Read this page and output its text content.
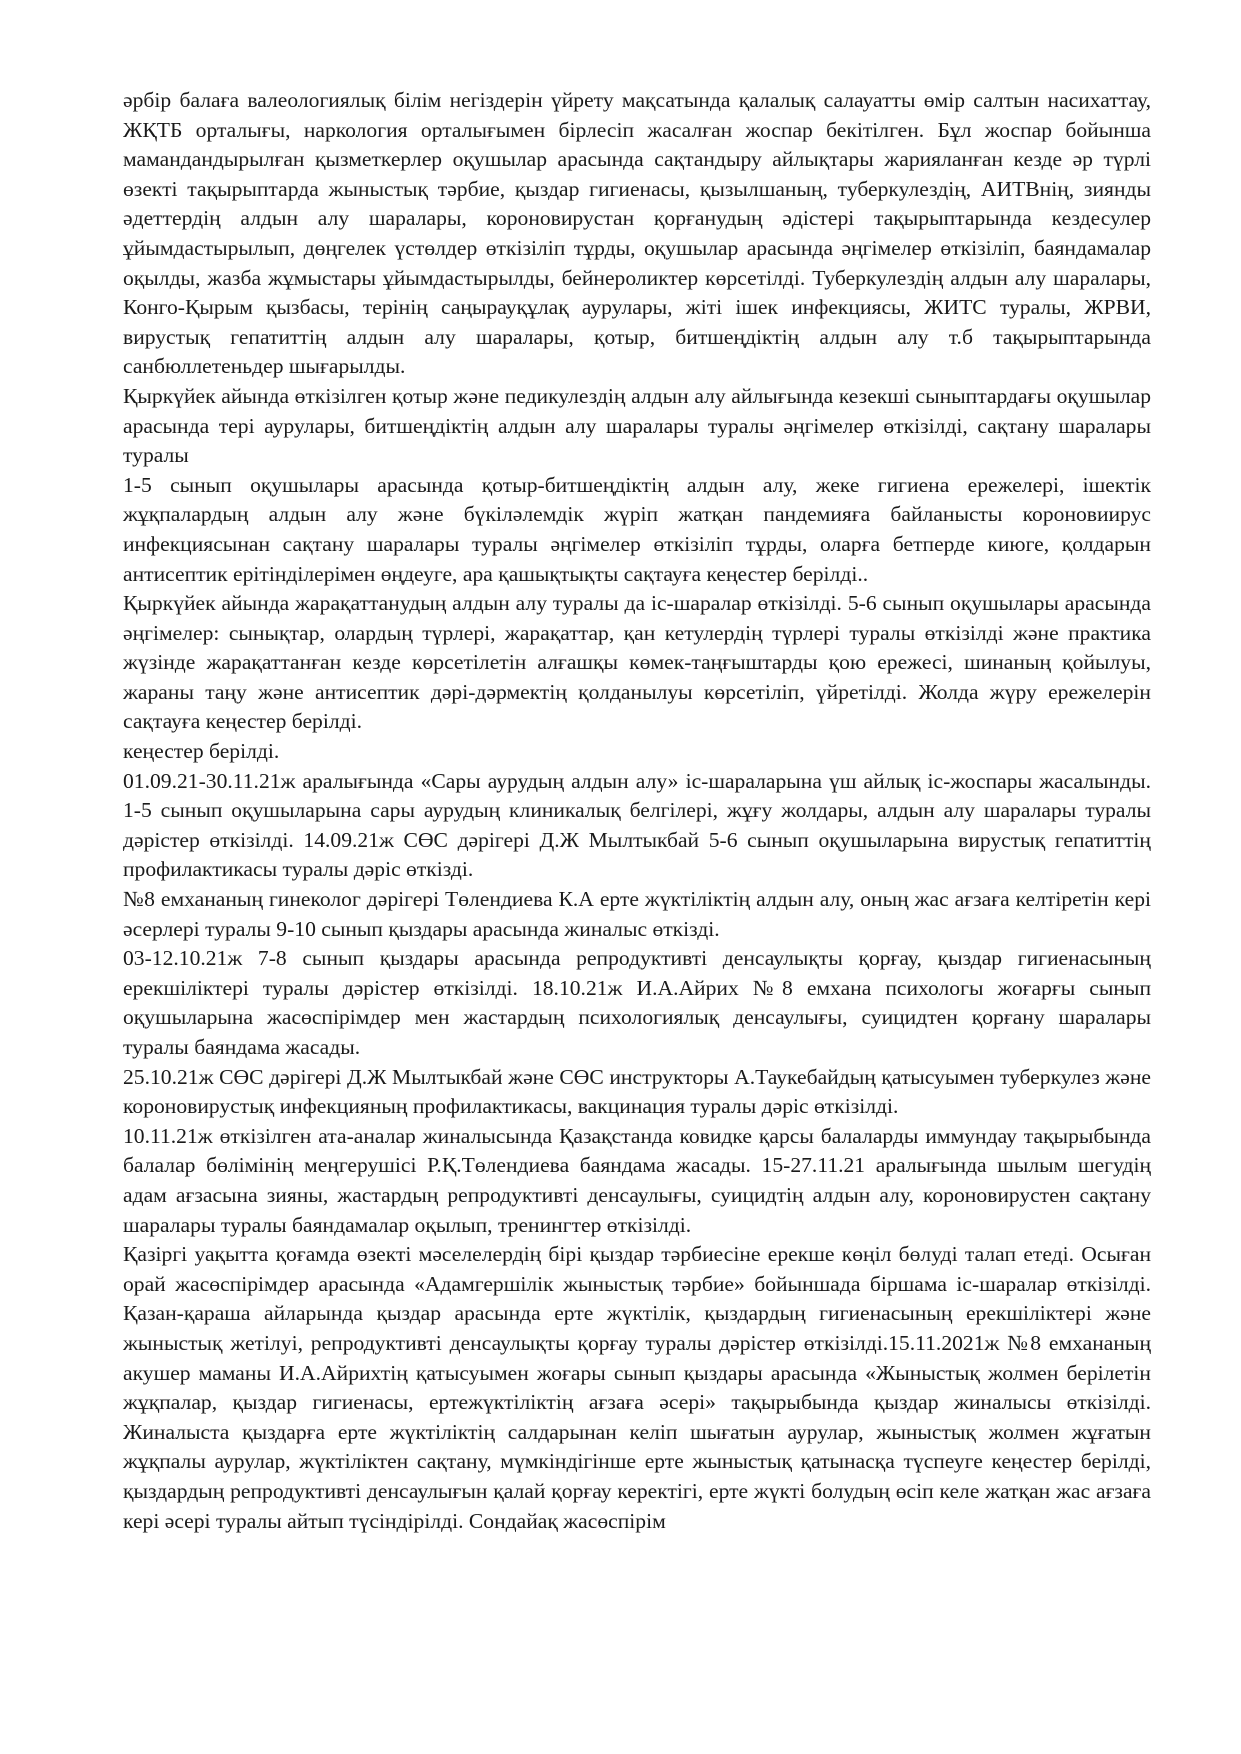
әрбір балаға валеологиялық білім негіздерін үйрету мақсатында қалалық салауатты өмір салтын насихаттау, ЖҚТБ орталығы, наркология орталығымен бірлесіп жасалған жоспар бекітілген. Бұл жоспар бойынша мамандандырылған қызметкерлер оқушылар арасында сақтандыру айлықтары жарияланған кезде әр түрлі өзекті тақырыптарда жыныстық тәрбие, қыздар гигиенасы, қызылшаның, туберкулездің, АИТВнің, зиянды әдеттердің алдын алу шаралары, короновирустан қорғанудың әдістері тақырыптарында кездесулер ұйымдастырылып, дөңгелек үстөлдер өткізіліп тұрды, оқушылар арасында әңгімелер өткізіліп, баяндамалар оқылды, жазба жұмыстары ұйымдастырылды, бейнероликтер көрсетілді. Туберкулездің алдын алу шаралары, Конго-Қырым қызбасы, терінің саңырауқұлақ аурулары, жіті ішек инфекциясы, ЖИТС туралы, ЖРВИ, вирустық гепатиттің алдын алу шаралары, қотыр, битшеңдіктің алдын алу т.б тақырыптарында санбюллетеньдер шығарылды.

Қыркүйек айында өткізілген қотыр және педикулездің алдын алу айлығында кезекші сыныптардағы оқушылар арасында тері аурулары, битшеңдіктің алдын алу шаралары туралы әңгімелер өткізілді, сақтану шаралары туралы

1-5 сынып оқушылары арасында қотыр-битшеңдіктің алдын алу, жеке гигиена ережелері, ішектік жұқпалардың алдын алу және бүкіләлемдік жүріп жатқан пандемияға байланысты короновиирус инфекциясынан сақтану шаралары туралы әңгімелер өткізіліп тұрды, оларға бетперде киюге, қолдарын антисептик ерітінділерімен өңдеуге, ара қашықтықты сақтауға кеңестер берілді..

Қыркүйек айында жарақаттанудың алдын алу туралы да іс-шаралар өткізілді. 5-6 сынып оқушылары арасында әңгімелер: сынықтар, олардың түрлері, жарақаттар, қан кетулердің түрлері туралы өткізілді және практика жүзінде жарақаттанған кезде көрсетілетін алғашқы көмек-таңғыштарды қою ережесі, шинаның қойылуы, жараны таңу және антисептик дәрі-дәрмектің қолданылуы көрсетіліп, үйретілді. Жолда жүру ережелерін сақтауға кеңестер берілді.

кеңестер берілді.

01.09.21-30.11.21ж аралығында «Сары аурудың алдын алу» іс-шараларына үш айлық іс-жоспары жасалынды. 1-5 сынып оқушыларына сары аурудың клиникалық белгілері, жұғу жолдары, алдын алу шаралары туралы дәрістер өткізілді. 14.09.21ж СӨС дәрігері Д.Ж Мылтыкбай 5-6 сынып оқушыларына вирустық гепатиттің профилактикасы туралы дәріс өткізді.

№8 емхананың гинеколог дәрігері Төлендиева К.А ерте жүктіліктің алдын алу, оның жас ағзаға келтіретін кері әсерлері туралы 9-10 сынып қыздары арасында жиналыс өткізді.

03-12.10.21ж 7-8 сынып қыздары арасында репродуктивті денсаулықты қорғау, қыздар гигиенасының ерекшіліктері туралы дәрістер өткізілді. 18.10.21ж И.А.Айрих №8 емхана психологы жоғарғы сынып оқушыларына жасөспірімдер мен жастардың психологиялық денсаулығы, суицидтен қорғану шаралары туралы баяндама жасады.

25.10.21ж СӨС дәрігері Д.Ж Мылтыкбай және СӨС инструкторы А.Таукебайдың қатысуымен туберкулез және короновирустық инфекцияның профилактикасы, вакцинация туралы дәріс өткізілді.

10.11.21ж өткізілген ата-аналар жиналысында Қазақстанда ковидке қарсы балаларды иммундау тақырыбында балалар бөлімінің меңгерушісі Р.Қ.Төлендиева баяндама жасады. 15-27.11.21 аралығында шылым шегудің адам ағзасына зияны, жастардың репродуктивті денсаулығы, суицидтің алдын алу, короновирустен сақтану шаралары туралы баяндамалар оқылып, тренингтер өткізілді.

Қазіргі уақытта қоғамда өзекті мәселелердің бірі қыздар тәрбиесіне ерекше көңіл бөлуді талап етеді. Осыған орай жасөспірімдер арасында «Адамгершілік жыныстық тәрбие» бойыншада біршама іс-шаралар өткізілді. Қазан-қараша айларында қыздар арасында ерте жүктілік, қыздардың гигиенасының ерекшіліктері және жыныстық жетілуі, репродуктивті денсаулықты қорғау туралы дәрістер өткізілді.15.11.2021ж №8 емхананың акушер маманы И.А.Айрихтің қатысуымен жоғары сынып қыздары арасында «Жыныстық жолмен берілетін жұқпалар, қыздар гигиенасы, ертежүктіліктің ағзаға әсері» тақырыбында қыздар жиналысы өткізілді. Жиналыста қыздарға ерте жүктіліктің салдарынан келіп шығатын аурулар, жыныстық жолмен жұғатын жұқпалы аурулар, жүктіліктен сақтану, мүмкіндігінше ерте жыныстық қатынасқа түспеуге кеңестер берілді, қыздардың репродуктивті денсаулығын қалай қорғау керектігі, ерте жүкті болудың өсіп келе жатқан жас ағзаға кері әсері туралы айтып түсіндірілді. Сондайақ жасөспірім
